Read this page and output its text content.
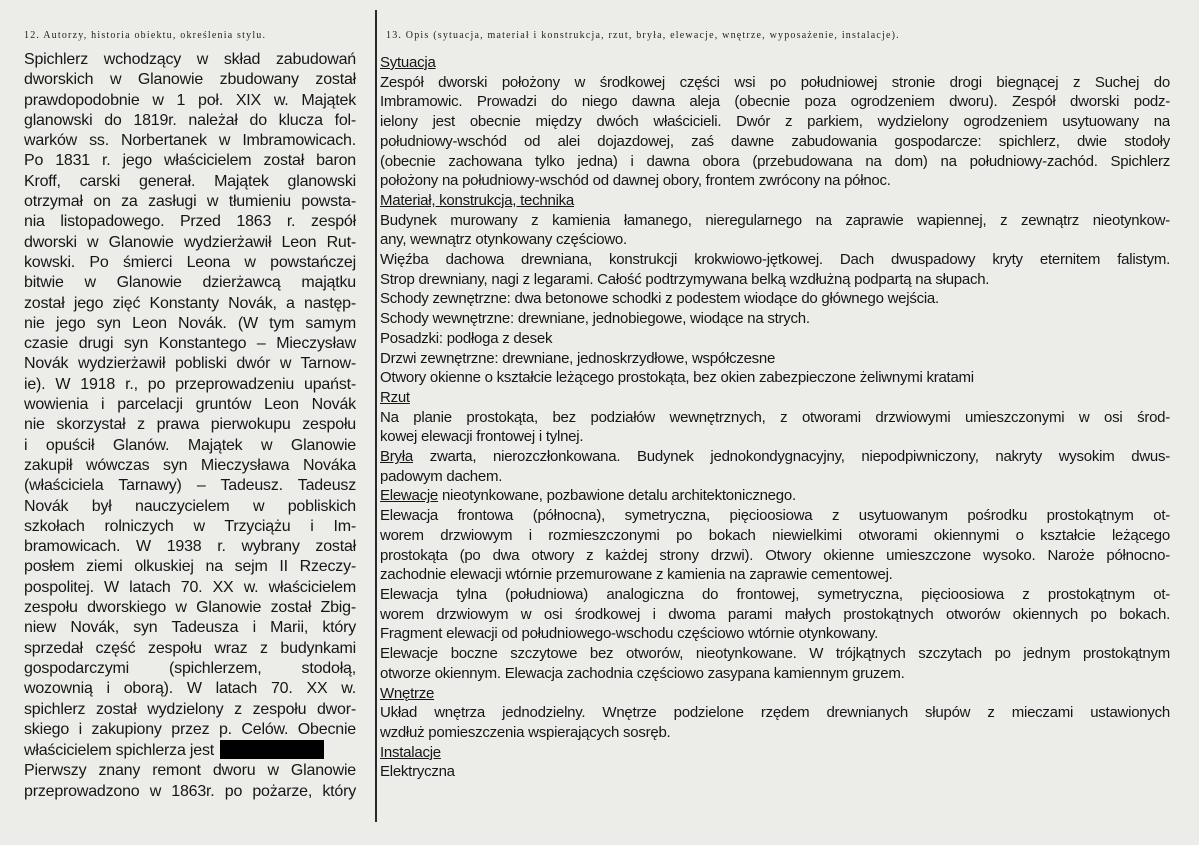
12. Autorzy, historia obiektu, określenia stylu.	13. Opis (sytuacja, materiał i konstrukcja, rzut, bryła, elewacje, wnętrze, wyposażenie, instalacje).
Spichlerz wchodzący w skład zabudowań
dworskich w Glanowie zbudowany został
prawdopodobnie w 1 poł. XIX w. Majątek
glanowski do 1819r. należał do klucza fol-
warków ss. Norbertanek w Imbramowicach.
Po 1831 r. jego właścicielem został baron
Kroff, carski generał. Majątek glanowski
otrzymał on za zasługi w tłumieniu powsta-
nia listopadowego. Przed 1863 r. zespół
dworski w Glanowie wydzierżawił Leon Rut-
kowski. Po śmierci Leona w powstańczej
bitwie w Glanowie dzierżawcą majątku
został jego zięć Konstanty Novák, a następ-
nie jego syn Leon Novák. (W tym samym
czasie drugi syn Konstantego – Mieczysław
Novák wydzierżawił pobliski dwór w Tarnow-
ie). W 1918 r., po przeprowadzeniu upańst-
wowienia i parcelacji gruntów Leon Novák
nie skorzystał z prawa pierwokupu zespołu
i opuścił Glanów. Majątek w Glanowie
zakupił wówczas syn Mieczysława Nováka
(właściciela Tarnawy) – Tadeusz. Tadeusz
Novák był nauczycielem w pobliskich
szkołach rolniczych w Trzyciążu i Im-
bramowicach. W 1938 r. wybrany został
posłem ziemi olkuskiej na sejm II Rzeczy-
pospolitej. W latach 70. XX w. właścicielem
zespołu dworskiego w Glanowie został Zbig-
niew Novák, syn Tadeusza i Marii, który
sprzedał część zespołu wraz z budynkami
gospodarczymi (spichlerzem, stodołą,
wozownią i oborą). W latach 70. XX w.
spichlerz został wydzielony z zespołu dwor-
skiego i zakupiony przez p. Celów. Obecnie
właścicielem spichlerza jest
Pierwszy znany remont dworu w Glanowie
przeprowadzono w 1863r. po pożarze, który
Sytuacja
Zespół dworski położony w środkowej części wsi po południowej stronie drogi biegnącej z Suchej do
Imbramowic. Prowadzi do niego dawna aleja (obecnie poza ogrodzeniem dworu). Zespół dworski podz-
ielony jest obecnie między dwóch właścicieli. Dwór z parkiem, wydzielony ogrodzeniem usytuowany na
południowy-wschód od alei dojazdowej, zaś dawne zabudowania gospodarcze: spichlerz, dwie stodoły
(obecnie zachowana tylko jedna) i dawna obora (przebudowana na dom) na południowy-zachód. Spichlerz
położony na południowy-wschód od dawnej obory, frontem zwrócony na północ.
Materiał, konstrukcja, technika
Budynek murowany z kamienia łamanego, nieregularnego na zaprawie wapiennej, z zewnątrz nieotynkow-
any, wewnątrz otynkowany częściowo.
Więźba dachowa drewniana, konstrukcji krokwiowo-jętkowej. Dach dwuspadowy kryty eternitem falistym.
Strop drewniany, nagi z legarami. Całość podtrzymywana belką wzdłużną podpartą na słupach.
Schody zewnętrzne: dwa betonowe schodki z podestem wiodące do głównego wejścia.
Schody wewnętrzne: drewniane, jednobiegowe, wiodące na strych.
Posadzki: podłoga z desek
Drzwi zewnętrzne: drewniane, jednoskrzydłowe, współczesne
Otwory okienne o kształcie leżącego prostokąta, bez okien zabezpieczone żeliwnymi kratami
Rzut
Na planie prostokąta, bez podziałów wewnętrznych, z otworami drzwiowymi umieszczonymi w osi środ-
kowej elewacji frontowej i tylnej.
Bryła zwarta, nierozczłonkowana. Budynek jednokondygnacyjny, niepodpiwniczony, nakryty wysokim dwus-
padowym dachem.
Elewacje nieotynkowane, pozbawione detalu architektonicznego.
Elewacja frontowa (północna), symetryczna, pięcioosiowa z usytuowanym pośrodku prostokątnym ot-
worem drzwiowym i rozmieszczonymi po bokach niewielkimi otworami okiennymi o kształcie leżącego
prostokąta (po dwa otwory z każdej strony drzwi). Otwory okienne umieszczone wysoko. Naroże północno-
zachodnie elewacji wtórnie przemurowane z kamienia na zaprawie cementowej.
Elewacja tylna (południowa) analogiczna do frontowej, symetryczna, pięcioosiowa z prostokątnym ot-
worem drzwiowym w osi środkowej i dwoma parami małych prostokątnych otworów okiennych po bokach.
Fragment elewacji od południowego-wschodu częściowo wtórnie otynkowany.
Elewacje boczne szczytowe bez otworów, nieotynkowane. W trójkątnych szczytach po jednym prostokątnym
otworze okiennym. Elewacja zachodnia częściowo zasypana kamiennym gruzem.
Wnętrze
Układ wnętrza jednodzielny. Wnętrze podzielone rzędem drewnianych słupów z mieczami ustawionych
wzdłuż pomieszczenia wspierających sosręb.
Instalacje
Elektryczna
